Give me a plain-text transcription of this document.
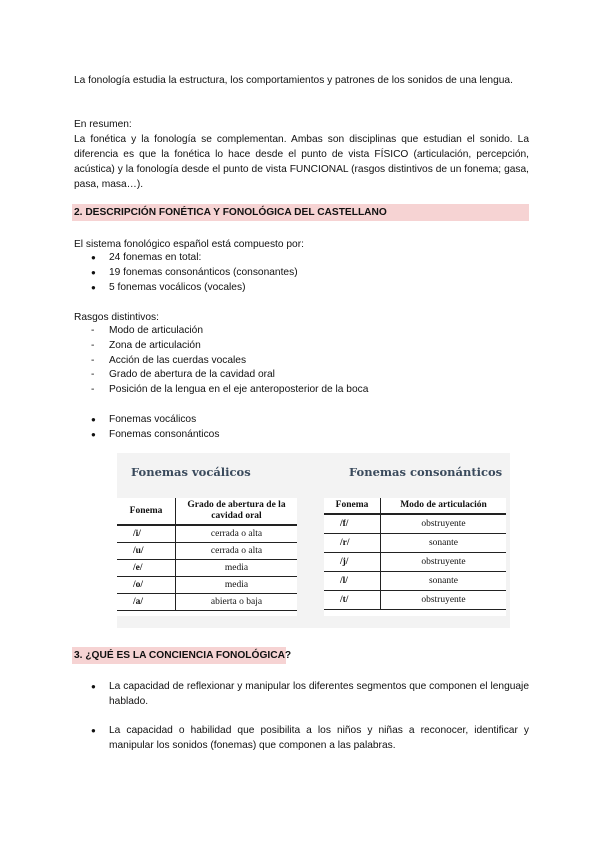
La fonología estudia la estructura, los comportamientos y patrones de los sonidos de una lengua.
En resumen:
La fonética y la fonología se complementan. Ambas son disciplinas que estudian el sonido. La diferencia es que la fonética lo hace desde el punto de vista FÍSICO (articulación, percepción, acústica) y la fonología desde el punto de vista FUNCIONAL (rasgos distintivos de un fonema; gasa, pasa, masa…).
2. DESCRIPCIÓN FONÉTICA Y FONOLÓGICA DEL CASTELLANO
El sistema fonológico español está compuesto por:
● 24 fonemas en total:
● 19 fonemas consonánticos (consonantes)
● 5 fonemas vocálicos (vocales)
Rasgos distintivos:
- Modo de articulación
- Zona de articulación
- Acción de las cuerdas vocales
- Grado de abertura de la cavidad oral
- Posición de la lengua en el eje anteroposterior de la boca
● Fonemas vocálicos
● Fonemas consonánticos
Fonemas vocálicos
Fonema	Grado de abertura de la cavidad oral
/i/	cerrada o alta
/u/	cerrada o alta
/e/	media
/o/	media
/a/	abierta o baja
Fonemas consonánticos
Fonema	Modo de articulación
/f/	obstruyente
/r/	sonante
/j/	obstruyente
/l/	sonante
/t/	obstruyente
3. ¿QUÉ ES LA CONCIENCIA FONOLÓGICA?
● La capacidad de reflexionar y manipular los diferentes segmentos que componen el lenguaje hablado.
● La capacidad o habilidad que posibilita a los niños y niñas a reconocer, identificar y manipular los sonidos (fonemas) que componen a las palabras.
